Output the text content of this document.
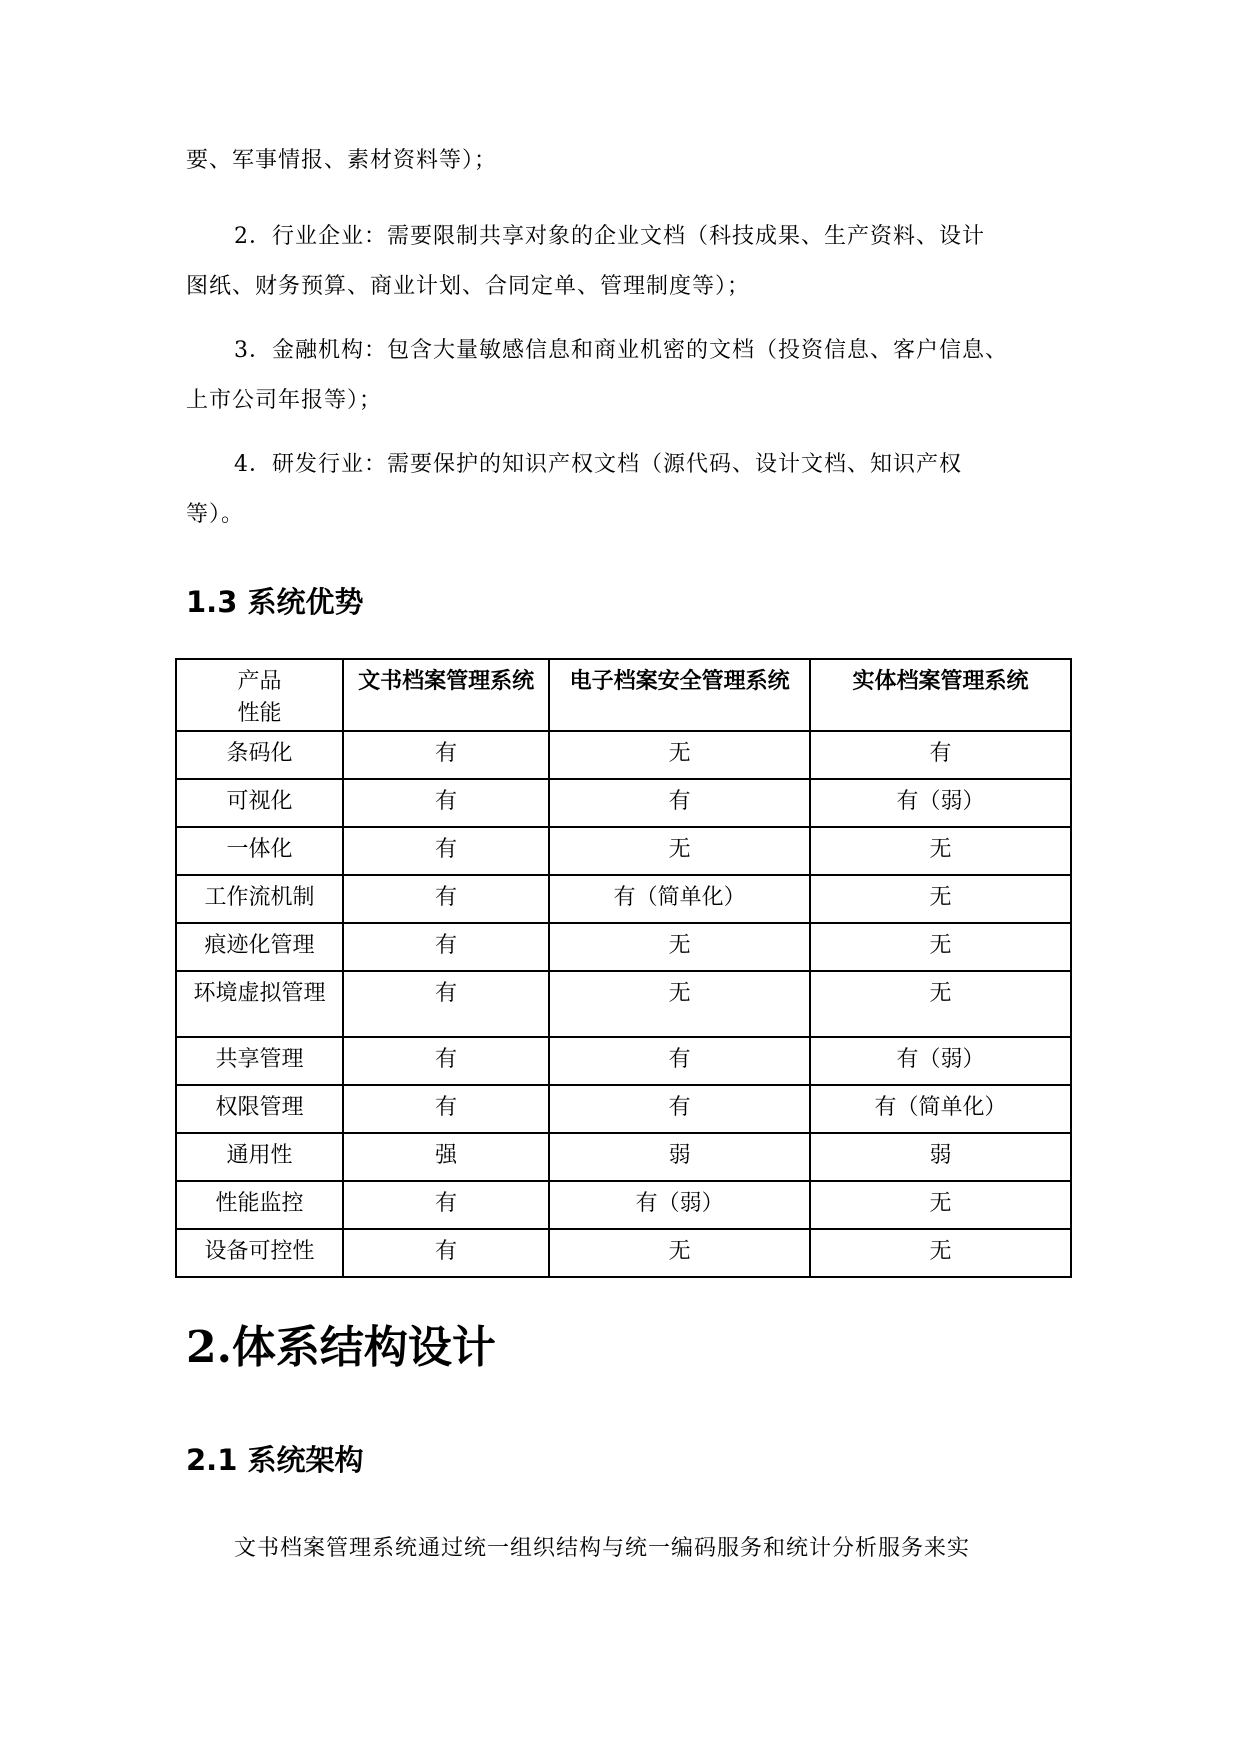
要、军事情报、素材资料等）；
2．行业企业：需要限制共享对象的企业文档（科技成果、生产资料、设计
图纸、财务预算、商业计划、合同定单、管理制度等）；
3．金融机构：包含大量敏感信息和商业机密的文档（投资信息、客户信息、
上市公司年报等）；
4．研发行业：需要保护的知识产权文档（源代码、设计文档、知识产权
等）。
1.3 系统优势
产品
性能	文书档案管理系统	电子档案安全管理系统	实体档案管理系统
条码化	有	无	有
可视化	有	有	有（弱）
一体化	有	无	无
工作流机制	有	有（简单化）	无
痕迹化管理	有	无	无
环境虚拟管理	有	无	无
共享管理	有	有	有（弱）
权限管理	有	有	有（简单化）
通用性	强	弱	弱
性能监控	有	有（弱）	无
设备可控性	有	无	无
2.体系结构设计
2.1 系统架构
文书档案管理系统通过统一组织结构与统一编码服务和统计分析服务来实
